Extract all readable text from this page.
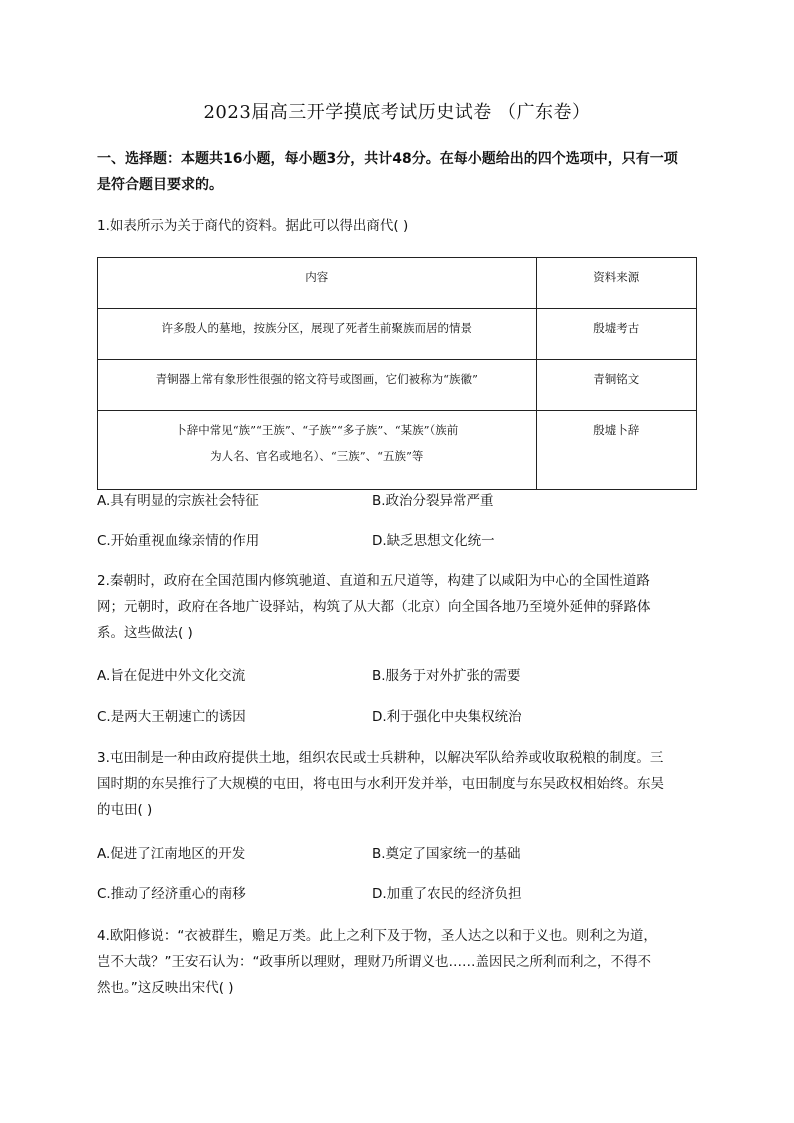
2023届高三开学摸底考试历史试卷 （广东卷）
一、选择题：本题共16小题，每小题3分，共计48分。在每小题给出的四个选项中，只有一项
是符合题目要求的。
1.如表所示为关于商代的资料。据此可以得出商代( )
内容	资料来源
许多殷人的墓地，按族分区，展现了死者生前聚族而居的情景	殷墟考古
青铜器上常有象形性很强的铭文符号或图画，它们被称为“族徽”	青铜铭文

卜辞中常见“族”“王族”、“子族”“多子族”、“某族”（族前
为人名、官名或地名）、“三族”、“五族”等	殷墟卜辞
A.具有明显的宗族社会特征	B.政治分裂异常严重
C.开始重视血缘亲情的作用	D.缺乏思想文化统一
2.秦朝时，政府在全国范围内修筑驰道、直道和五尺道等，构建了以咸阳为中心的全国性道路
网；元朝时，政府在各地广设驿站，构筑了从大都（北京）向全国各地乃至境外延伸的驿路体
系。这些做法( )
A.旨在促进中外文化交流	B.服务于对外扩张的需要
C.是两大王朝速亡的诱因	D.利于强化中央集权统治
3.屯田制是一种由政府提供土地，组织农民或士兵耕种，以解决军队给养或收取税粮的制度。三
国时期的东吴推行了大规模的屯田，将屯田与水利开发并举，屯田制度与东吴政权相始终。东吴
的屯田( )
A.促进了江南地区的开发	B.奠定了国家统一的基础
C.推动了经济重心的南移	D.加重了农民的经济负担
4.欧阳修说：“衣被群生，赡足万类。此上之利下及于物，圣人达之以和于义也。则利之为道，
岂不大哉？”王安石认为：“政事所以理财，理财乃所谓义也……盖因民之所利而利之，不得不
然也。”这反映出宋代( )
